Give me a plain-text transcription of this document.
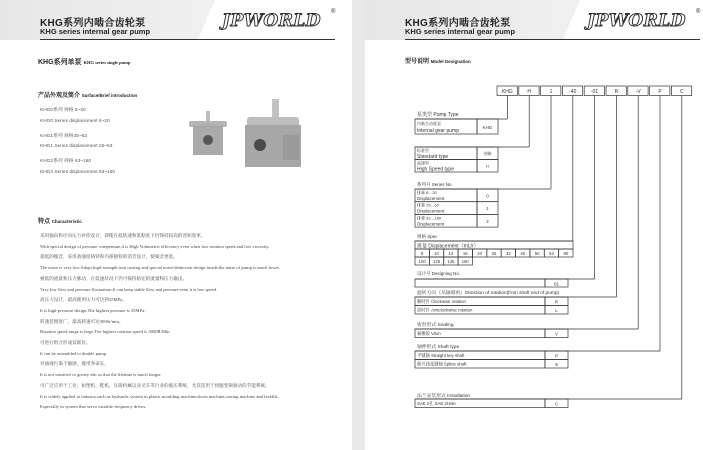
KHG系列内啮合齿轮泵
KHG series internal gear pump
JPWORLD ®
KHG系列单泵 KHG series single pump
产品外观及简介 Surface/Brief introduction
KHG0系列 规格 8~20
KHG0 Series displacement 8~20
KHG1系列 规格25~63
KHG1 Series displacement 25~63
KHG2系列 规格 63~160
KHG2 Series displacement 63~160
特点 Characteristic
采用轴向和径向压力补偿设计，即使在低转速和低粘度下仍保持较高的容积效率。
With special design of pressure compensate,it is High Volumetric efficiency even when low rotation speed and low viscosity.
超低的噪音，采用高强度铸铁和内部独特的消音设计，使噪音更低。
The noise is very low.Adopt high-strength iron casting and special noise-deduction design inside,the noise of pump is much lower.
极低的流量和压力脉动，在低速状况下仍可保持稳定的流量和压力输出。
Very low flow and pressure fluctuation.It can keep stable flow and pressure even it is low speed.
高压力设计，最高使用压力可达到35MPa。
It is high-pressure design.The highest pressure is 35MPa.
转速范围宽广，最高转速可达3000r/min。
Rotation speed range is large.The highest rotation speed is 3000R/Min
可进行组合形成双联泵。
It can be assembled to double pump.
对油液污染不敏感，使用寿命长。
It is not sensitive to greasy dirt so that the lifetime is much longer.
可广泛应用于工业，如塑机、鞋机、压铸机械以及叉车等行业的液压系统，尤其适用于伺服变频驱动的节能系统。
It is widely applied in industry,such as hydraulic system in plastic moulding machine,shoes machine,casting machine and forklift..
Especially in system that servo variable-frequency drives.
KHG系列内啮合齿轮泵
KHG series internal gear pump
JPWORLD ®
型号说明 Model Designation
KHG	H	1	-40	-01	R	-V	P	C
泵类型 Pump Type
内啮合齿轮泵
Internal gear pump
KHG
标准型
Standard type
省略
高速型
High Speed type
H
系列号 Series No
排量 8…20
Displacement	0
排量 25…63
Displacement	1
排量 63…160
Displacement	2
规格 Spec
排量 Displacement（mL/r）
8	10 13 16 20 25 32 40 50 63 80
100 125 145 160
设计号 Designing No.
01
旋转方向（从轴端看）Direction of rotation(from shaft end of pump)
顺时针 Clockwise rotation	R
逆时针 Anticlockwise rotation	L
密封形式 Sealing
氟橡胶 Viton	V
轴伸形式 Shaft type
平键轴 Straight key shaft	P
渐开线花键轴 Spline shaft	S
法兰安装形式 Installation
SAE 2孔 SAE 2Hole	C
